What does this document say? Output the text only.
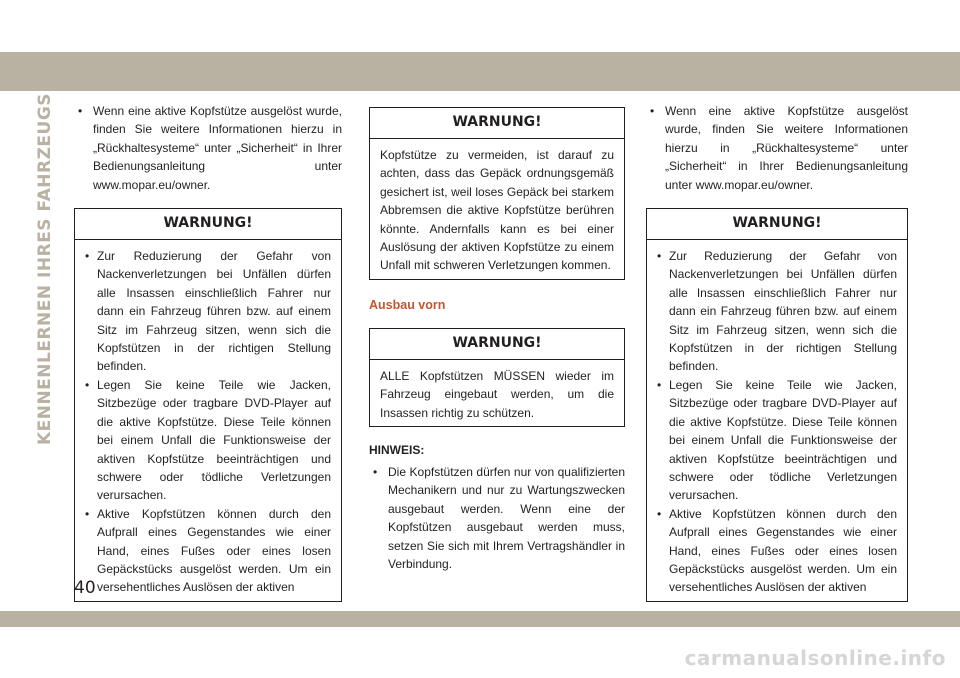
KENNENLERNEN IHRES FAHRZEUGS

•	Wenn eine aktive Kopfstütze ausgelöst wurde, finden Sie weitere Informationen hierzu in „Rückhaltesysteme“ unter „Sicherheit“ in Ihrer Bedienungsanleitung unter www.mopar.eu/owner.

WARNUNG!

• Zur Reduzierung der Gefahr von Nackenverletzungen bei Unfällen dürfen alle Insassen einschließlich Fahrer nur dann ein Fahrzeug führen bzw. auf einem Sitz im Fahrzeug sitzen, wenn sich die Kopfstützen in der richtigen Stellung befinden.

• Legen Sie keine Teile wie Jacken, Sitzbezüge oder tragbare DVD-Player auf die aktive Kopfstütze. Diese Teile können bei einem Unfall die Funktionsweise der aktiven Kopfstütze beeinträchtigen und schwere oder tödliche Verletzungen verursachen.

• Aktive Kopfstützen können durch den Aufprall eines Gegenstandes wie einer Hand, eines Fußes oder eines losen Gepäckstücks ausgelöst werden. Um ein versehentliches Auslösen der aktiven

WARNUNG!

Kopfstütze zu vermeiden, ist darauf zu achten, dass das Gepäck ordnungsgemäß gesichert ist, weil loses Gepäck bei starkem Abbremsen die aktive Kopfstütze berühren könnte. Andernfalls kann es bei einer Auslösung der aktiven Kopfstütze zu einem Unfall mit schweren Verletzungen kommen.

Ausbau vorn

WARNUNG!

ALLE Kopfstützen MÜSSEN wieder im Fahrzeug eingebaut werden, um die Insassen richtig zu schützen.

HINWEIS:

• Die Kopfstützen dürfen nur von qualifizierten Mechanikern und nur zu Wartungszwecken ausgebaut werden. Wenn eine der Kopfstützen ausgebaut werden muss, setzen Sie sich mit Ihrem Vertragshändler in Verbindung.

• Wenn eine aktive Kopfstütze ausgelöst wurde, finden Sie weitere Informationen hierzu in „Rückhaltesysteme“ unter „Sicherheit“ in Ihrer Bedienungsanleitung unter www.mopar.eu/owner.

WARNUNG!

• Zur Reduzierung der Gefahr von Nackenverletzungen bei Unfällen dürfen alle Insassen einschließlich Fahrer nur dann ein Fahrzeug führen bzw. auf einem Sitz im Fahrzeug sitzen, wenn sich die Kopfstützen in der richtigen Stellung befinden.

• Legen Sie keine Teile wie Jacken, Sitzbezüge oder tragbare DVD-Player auf die aktive Kopfstütze. Diese Teile können bei einem Unfall die Funktionsweise der aktiven Kopfstütze beeinträchtigen und schwere oder tödliche Verletzungen verursachen.

• Aktive Kopfstützen können durch den Aufprall eines Gegenstandes wie einer Hand, eines Fußes oder eines losen Gepäckstücks ausgelöst werden. Um ein versehentliches Auslösen der aktiven

40
carmanualsonline.info
